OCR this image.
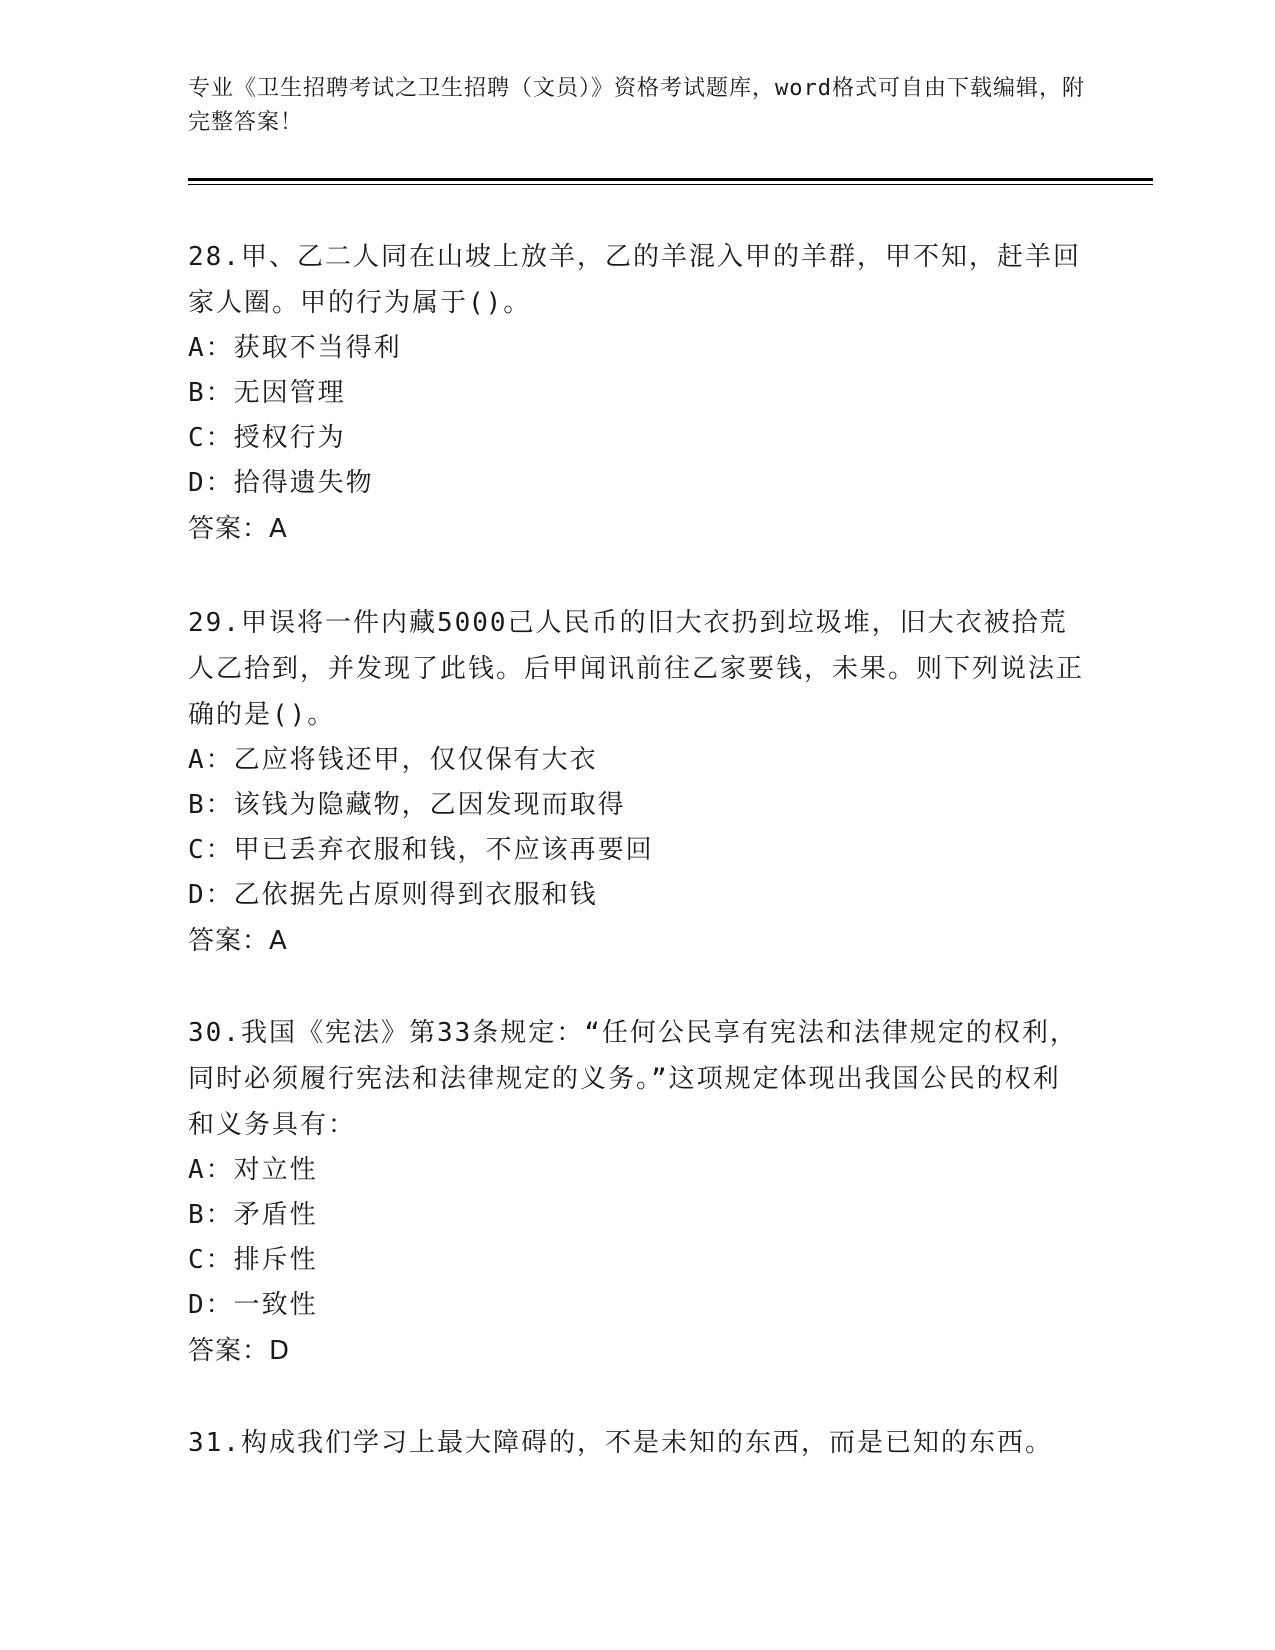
专业《卫生招聘考试之卫生招聘（文员）》资格考试题库，word格式可自由下载编辑，附完整答案！
28.甲、乙二人同在山坡上放羊，乙的羊混入甲的羊群，甲不知，赶羊回家人圈。甲的行为属于()。
A：获取不当得利
B：无因管理
C：授权行为
D：拾得遗失物
答案：A
29.甲误将一件内藏5000己人民币的旧大衣扔到垃圾堆，旧大衣被拾荒人乙拾到，并发现了此钱。后甲闻讯前往乙家要钱，未果。则下列说法正确的是()。
A：乙应将钱还甲，仅仅保有大衣
B：该钱为隐藏物，乙因发现而取得
C：甲已丢弃衣服和钱，不应该再要回
D：乙依据先占原则得到衣服和钱
答案：A
30.我国《宪法》第33条规定：“任何公民享有宪法和法律规定的权利，同时必须履行宪法和法律规定的义务。”这项规定体现出我国公民的权利和义务具有：
A：对立性
B：矛盾性
C：排斥性
D：一致性
答案：D
31.构成我们学习上最大障碍的，不是未知的东西，而是已知的东西。
